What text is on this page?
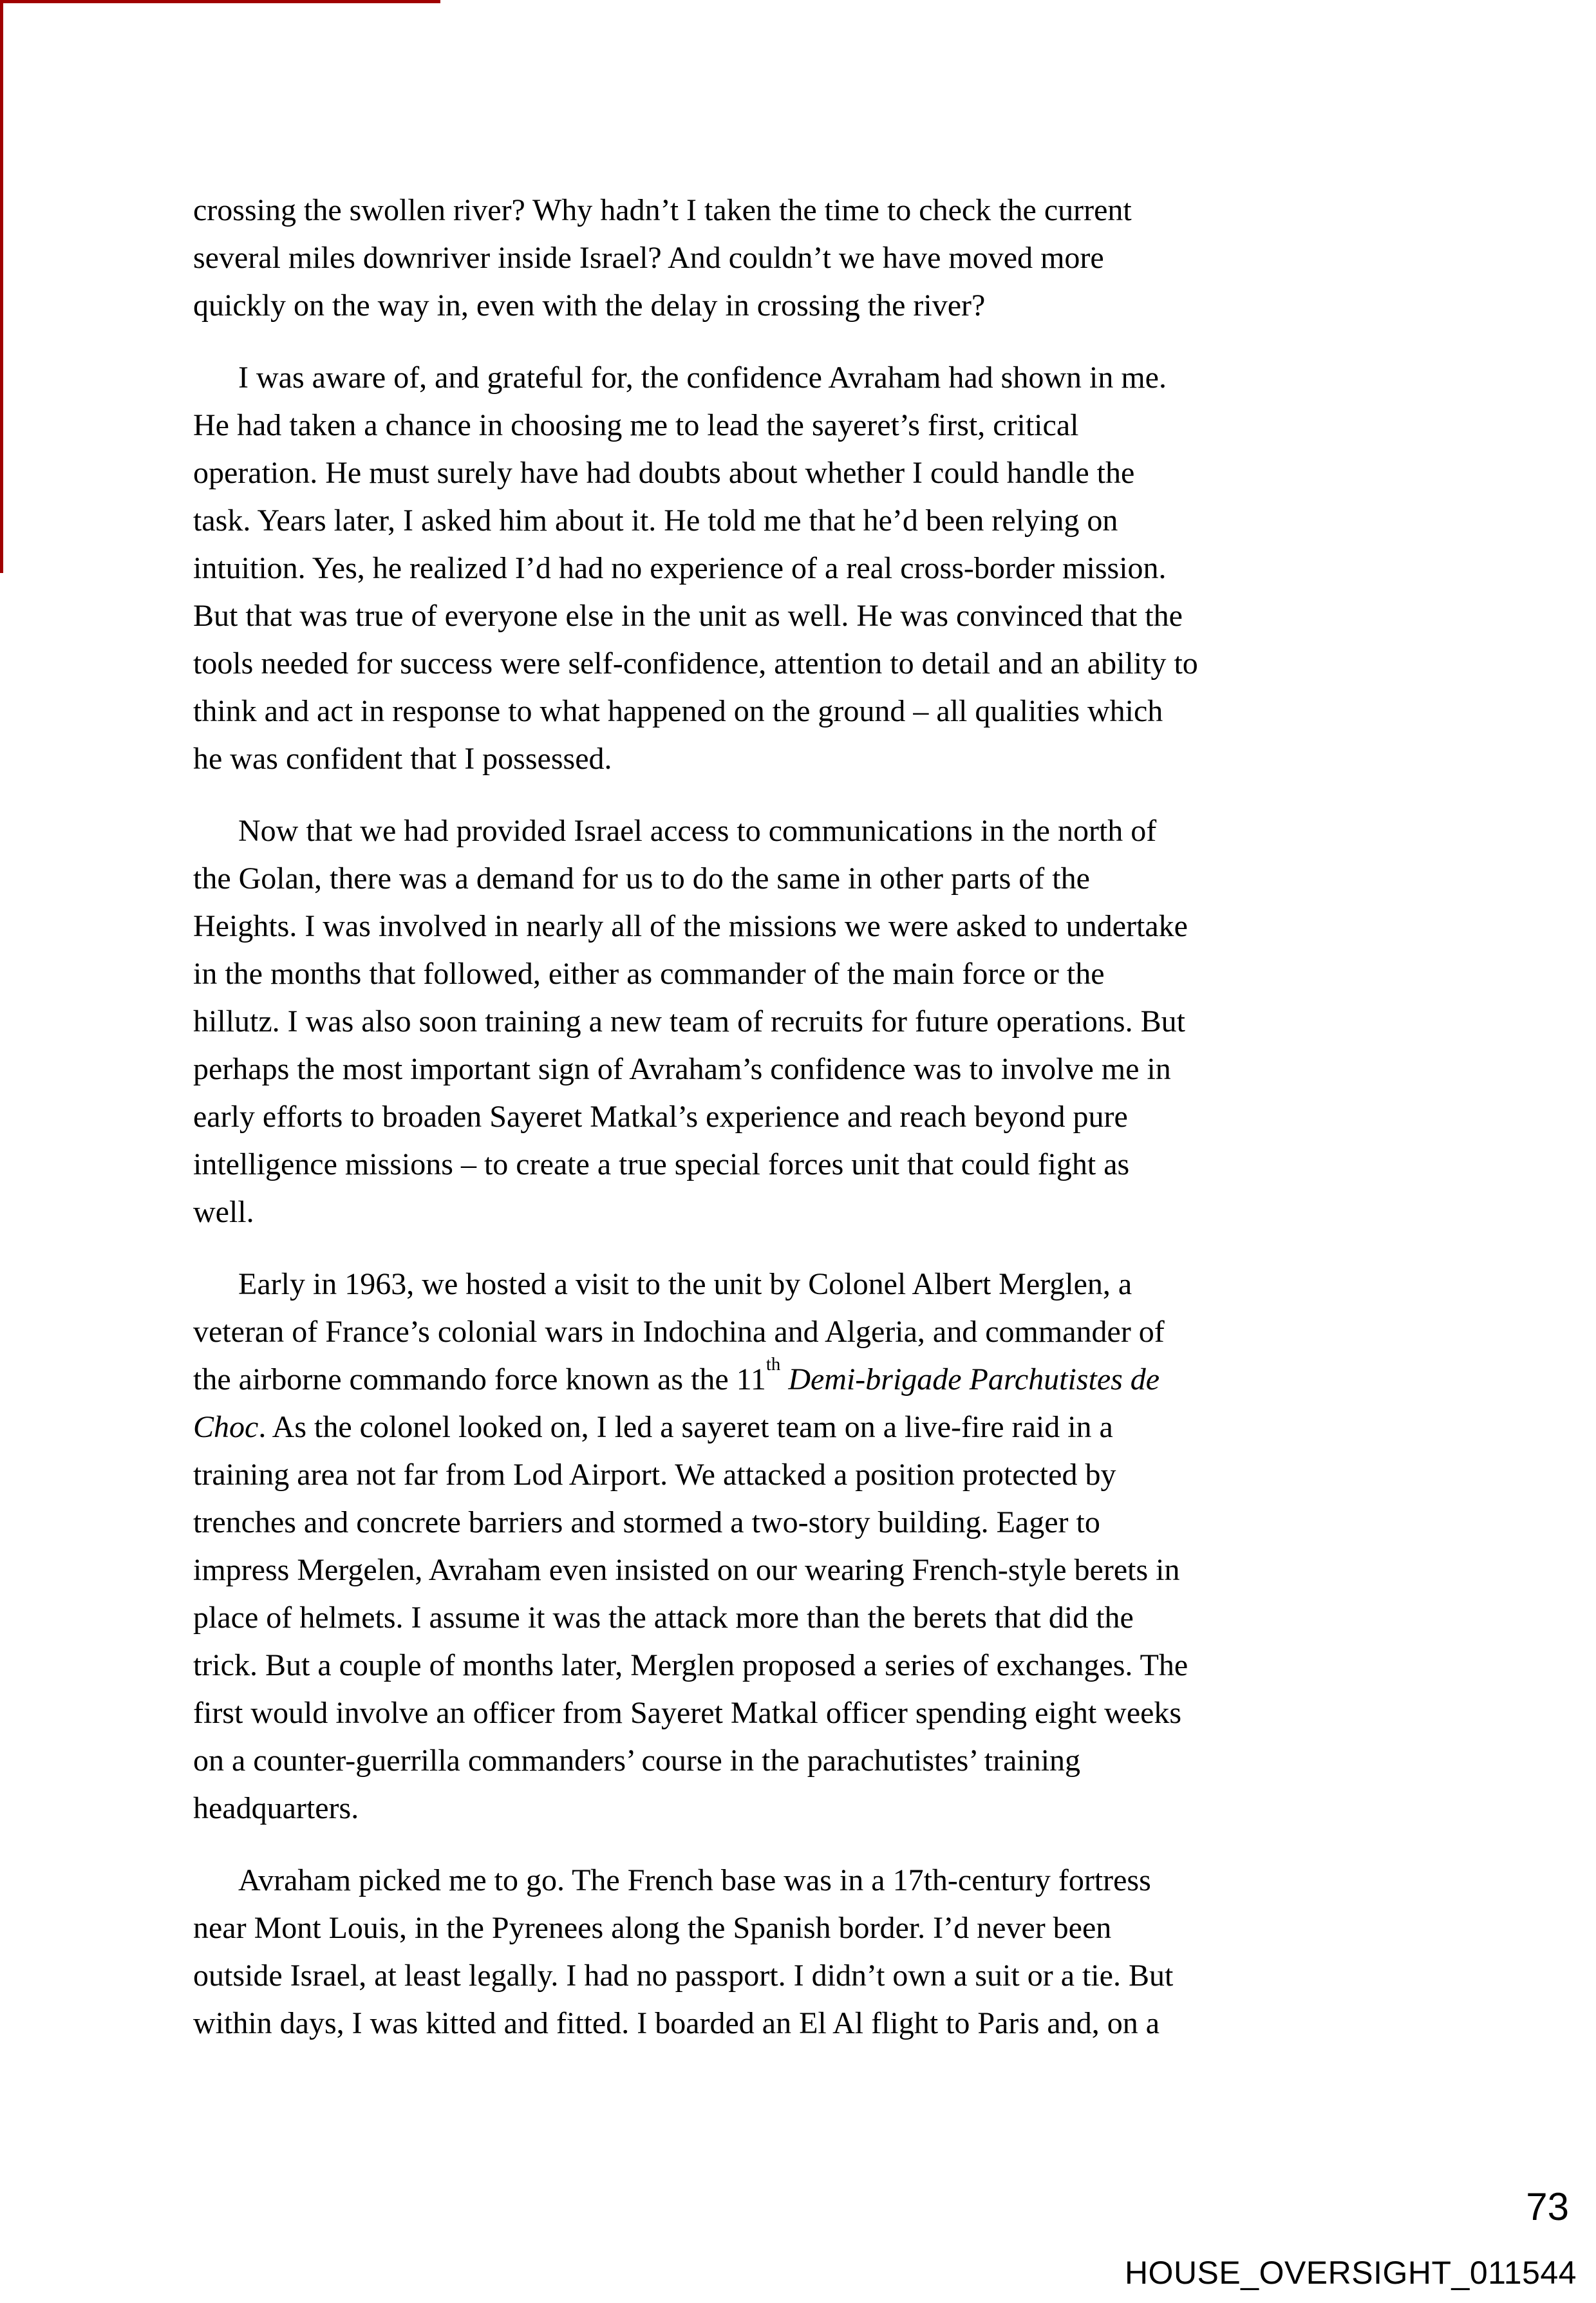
crossing the swollen river? Why hadn’t I taken the time to check the current
several miles downriver inside Israel? And couldn’t we have moved more
quickly on the way in, even with the delay in crossing the river?

I was aware of, and grateful for, the confidence Avraham had shown in me.
He had taken a chance in choosing me to lead the sayeret’s first, critical
operation. He must surely have had doubts about whether I could handle the
task. Years later, I asked him about it. He told me that he’d been relying on
intuition. Yes, he realized I’d had no experience of a real cross-border mission.
But that was true of everyone else in the unit as well. He was convinced that the
tools needed for success were self-confidence, attention to detail and an ability to
think and act in response to what happened on the ground – all qualities which
he was confident that I possessed.

Now that we had provided Israel access to communications in the north of
the Golan, there was a demand for us to do the same in other parts of the
Heights. I was involved in nearly all of the missions we were asked to undertake
in the months that followed, either as commander of the main force or the
hillutz. I was also soon training a new team of recruits for future operations. But
perhaps the most important sign of Avraham’s confidence was to involve me in
early efforts to broaden Sayeret Matkal’s experience and reach beyond pure
intelligence missions – to create a true special forces unit that could fight as
well.

Early in 1963, we hosted a visit to the unit by Colonel Albert Merglen, a
veteran of France’s colonial wars in Indochina and Algeria, and commander of
the airborne commando force known as the 11th Demi-brigade Parchutistes de
Choc. As the colonel looked on, I led a sayeret team on a live-fire raid in a
training area not far from Lod Airport. We attacked a position protected by
trenches and concrete barriers and stormed a two-story building. Eager to
impress Mergelen, Avraham even insisted on our wearing French-style berets in
place of helmets. I assume it was the attack more than the berets that did the
trick. But a couple of months later, Merglen proposed a series of exchanges. The
first would involve an officer from Sayeret Matkal officer spending eight weeks
on a counter-guerrilla commanders’ course in the parachutistes’ training
headquarters.

Avraham picked me to go. The French base was in a 17th-century fortress
near Mont Louis, in the Pyrenees along the Spanish border. I’d never been
outside Israel, at least legally. I had no passport. I didn’t own a suit or a tie. But
within days, I was kitted and fitted. I boarded an El Al flight to Paris and, on a

73
HOUSE_OVERSIGHT_011544
